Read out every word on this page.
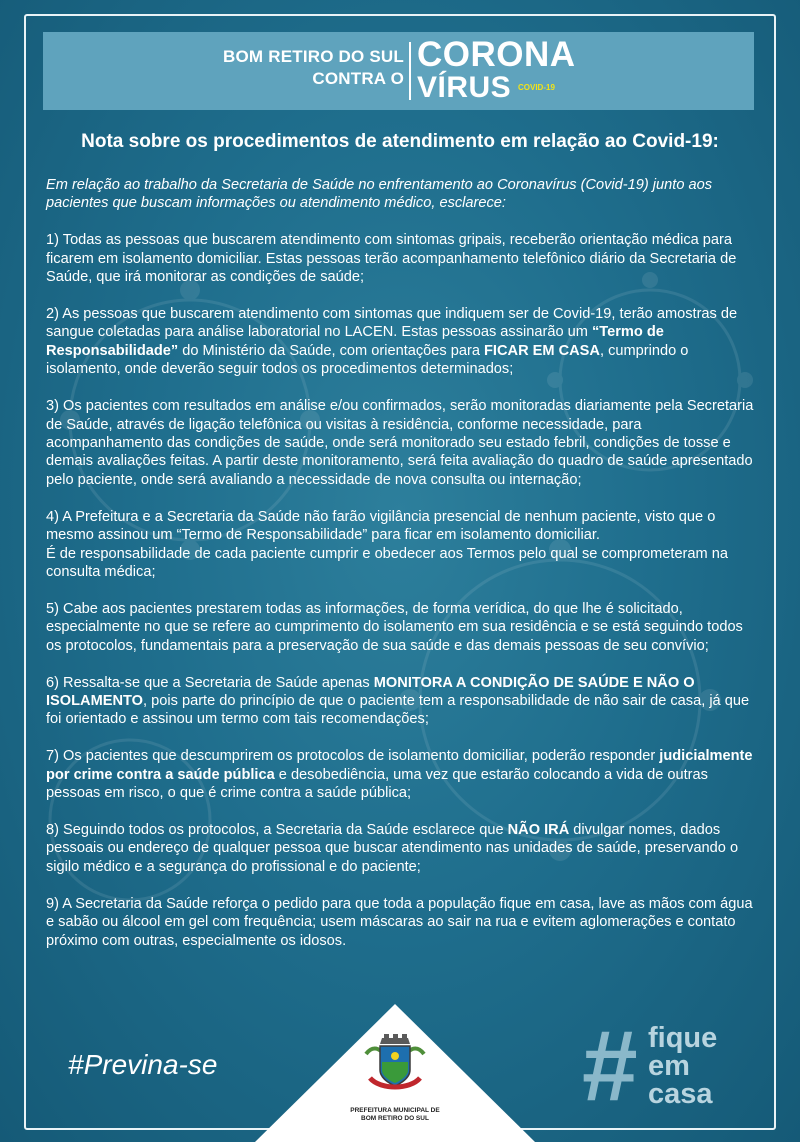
BOM RETIRO DO SUL
CONTRA O
CORONA
VÍRUS COVID-19
Nota sobre os procedimentos de atendimento em relação ao Covid-19:

Em relação ao trabalho da Secretaria de Saúde no enfrentamento ao Coronavírus (Covid-19) junto aos pacientes que buscam informações ou atendimento médico, esclarece:

1) Todas as pessoas que buscarem atendimento com sintomas gripais, receberão orientação médica para ficarem em isolamento domiciliar. Estas pessoas terão acompanhamento telefônico diário da Secretaria de Saúde, que irá monitorar as condições de saúde;

2) As pessoas que buscarem atendimento com sintomas que indiquem ser de Covid-19, terão amostras de sangue coletadas para análise laboratorial no LACEN. Estas pessoas assinarão um “Termo de Responsabilidade” do Ministério da Saúde, com orientações para FICAR EM CASA, cumprindo o isolamento, onde deverão seguir todos os procedimentos determinados;

3) Os pacientes com resultados em análise e/ou confirmados, serão monitoradas diariamente pela Secretaria de Saúde, através de ligação telefônica ou visitas à residência, conforme necessidade, para acompanhamento das condições de saúde, onde será monitorado seu estado febril, condições de tosse e demais avaliações feitas. A partir deste monitoramento, será feita avaliação do quadro de saúde apresentado pelo paciente, onde será avaliando a necessidade de nova consulta ou internação;

4) A Prefeitura e a Secretaria da Saúde não farão vigilância presencial de nenhum paciente, visto que o mesmo assinou um “Termo de Responsabilidade” para ficar em isolamento domiciliar.
É de responsabilidade de cada paciente cumprir e obedecer aos Termos pelo qual se comprometeram na consulta médica;

5) Cabe aos pacientes prestarem todas as informações, de forma verídica, do que lhe é solicitado, especialmente no que se refere ao cumprimento do isolamento em sua residência e se está seguindo todos os protocolos, fundamentais para a preservação de sua saúde e das demais pessoas de seu convívio;

6) Ressalta-se que a Secretaria de Saúde apenas MONITORA A CONDIÇÃO DE SAÚDE E NÃO O ISOLAMENTO, pois parte do princípio de que o paciente tem a responsabilidade de não sair de casa, já que foi orientado e assinou um termo com tais recomendações;

7) Os pacientes que descumprirem os protocolos de isolamento domiciliar, poderão responder judicialmente por crime contra a saúde pública e desobediência, uma vez que estarão colocando a vida de outras pessoas em risco, o que é crime contra a saúde pública;

8) Seguindo todos os protocolos, a Secretaria da Saúde esclarece que NÃO IRÁ divulgar nomes, dados pessoais ou endereço de qualquer pessoa que buscar atendimento nas unidades de saúde, preservando o sigilo médico e a segurança do profissional e do paciente;

9) A Secretaria da Saúde reforça o pedido para que toda a população fique em casa, lave as mãos com água e sabão ou álcool em gel com frequência; usem máscaras ao sair na rua e evitem aglomerações e contato próximo com outras, especialmente os idosos.

#Previna-se
PREFEITURA MUNICIPAL DE
BOM RETIRO DO SUL	# fique
em
casa
